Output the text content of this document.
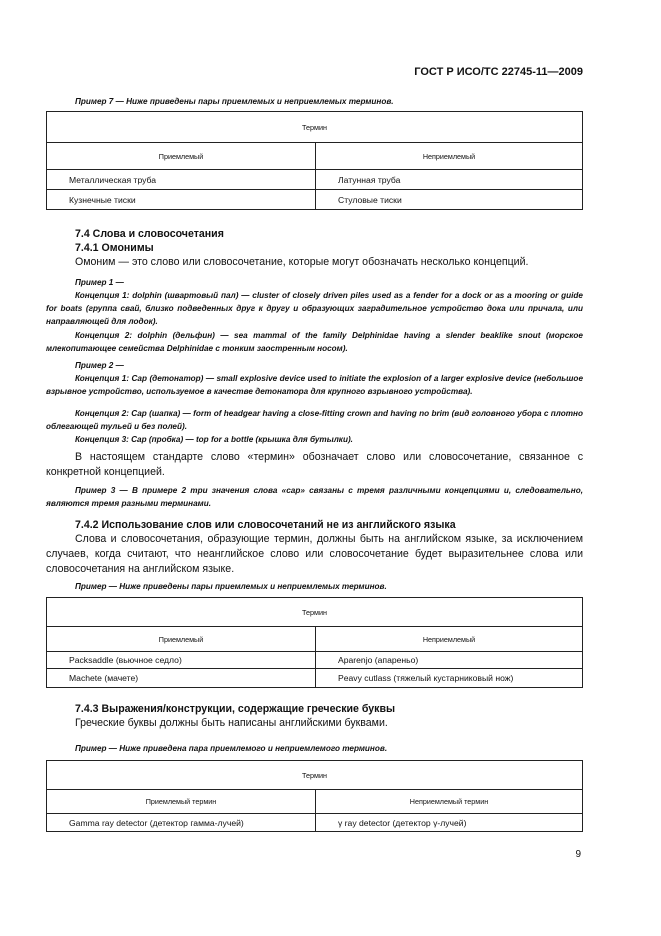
ГОСТ Р ИСО/ТС 22745-11—2009
Пример 7 — Ниже приведены пары приемлемых и неприемлемых терминов.
Термин	
Приемлемый	Неприемлемый
Металлическая труба	Латунная труба
Кузнечные тиски	Стуловые тиски
7.4 Слова и словосочетания
7.4.1 Омонимы
Омоним — это слово или словосочетание, которые могут обозначать несколько концепций.
Пример 1 —
Концепция 1: dolphin (швартовый пал) — cluster of closely driven piles used as a fender for a dock or as a mooring or guide for boats (группа свай, близко подведенных друг к другу и образующих заградительное устройство дока или причала, или направляющей для лодок).
Концепция 2: dolphin (дельфин) — sea mammal of the family Delphinidae having a slender beaklike snout (морское млекопитающее семейства Delphinidae с тонким заостренным носом).
Пример 2 —
Концепция 1: Cap (детонатор) — small explosive device used to initiate the explosion of a larger explosive device (небольшое взрывное устройство, используемое в качестве детонатора для крупного взрывного устройства).
Концепция 2: Cap (шапка) — form of headgear having a close-fitting crown and having no brim (вид головного убора с плотно облегающей тульей и без полей).
Концепция 3: Cap (пробка) — top for a bottle (крышка для бутылки).
В настоящем стандарте слово «термин» обозначает слово или словосочетание, связанное с конкретной концепцией.
Пример 3 — В примере 2 три значения слова «cap» связаны с тремя различными концепциями и, следовательно, являются тремя разными терминами.
7.4.2 Использование слов или словосочетаний не из английского языка
Слова и словосочетания, образующие термин, должны быть на английском языке, за исключением случаев, когда считают, что неанглийское слово или словосочетание будет выразительнее слова или словосочетания на английском языке.
Пример — Ниже приведены пары приемлемых и неприемлемых терминов.
Термин	
Приемлемый	Неприемлемый
Packsaddle (вьючное седло)	Aparenjo (апареньо)
Machete (мачете)	Peavy cutlass (тяжелый кустарниковый нож)
7.4.3 Выражения/конструкции, содержащие греческие буквы
Греческие буквы должны быть написаны английскими буквами.
Пример — Ниже приведена пара приемлемого и неприемлемого терминов.
Термин	
Приемлемый термин	Неприемлемый термин
Gamma ray detector (детектор гамма-лучей)	γ ray detector (детектор γ-лучей)
9
